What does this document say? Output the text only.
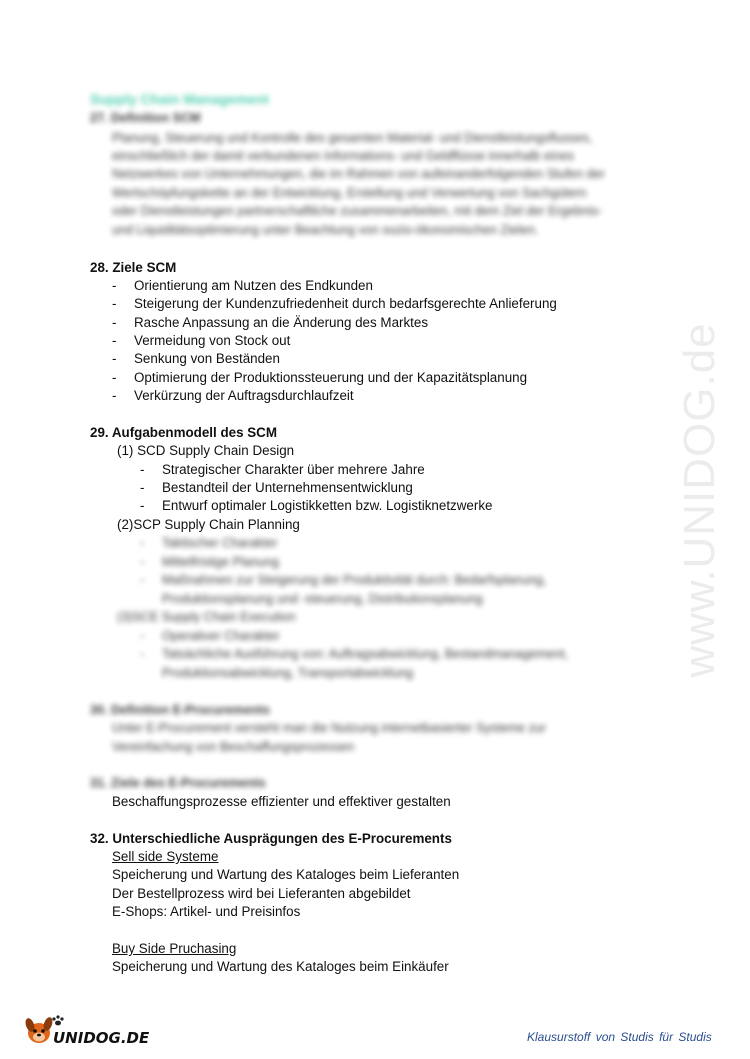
www.UNIDOG.de
Supply Chain Management
27. Definition SCM
Planung, Steuerung und Kontrolle des gesamten Material- und Dienstleistungsflusses,
einschließlich der damit verbundenen Informations- und Geldflüsse innerhalb eines
Netzwerkes von Unternehmungen, die im Rahmen von aufeinanderfolgenden Stufen der
Wertschöpfungskette an der Entwicklung, Erstellung und Verwertung von Sachgütern
oder Dienstleistungen partnerschaftliche zusammenarbeiten, mit dem Ziel der Ergebnis-
und Liquiditätsoptimierung unter Beachtung von sozio-ökonomischen Zielen.
28. Ziele SCM
- Orientierung am Nutzen des Endkunden
- Steigerung der Kundenzufriedenheit durch bedarfsgerechte Anlieferung
- Rasche Anpassung an die Änderung des Marktes
- Vermeidung von Stock out
- Senkung von Beständen
- Optimierung der Produktionssteuerung und der Kapazitätsplanung
- Verkürzung der Auftragsdurchlaufzeit
29. Aufgabenmodell des SCM
(1) SCD Supply Chain Design
- Strategischer Charakter über mehrere Jahre
- Bestandteil der Unternehmensentwicklung
- Entwurf optimaler Logistikketten bzw. Logistiknetzwerke
(2)SCP Supply Chain Planning
- Taktischer Charakter
- Mittelfristige Planung
- Maßnahmen zur Steigerung der Produktivität durch: Bedarfsplanung,
Produktionsplanung und -steuerung, Distributionsplanung
(3)SCE Supply Chain Execution
- Operativer Charakter
- Tatsächliche Ausführung von: Auftragsabwicklung, Bestandmanagement,
Produktionsabwicklung, Transportabwicklung
30. Definition E-Procurements
Unter E-Procurement versteht man die Nutzung internetbasierter Systeme zur
Vereinfachung von Beschaffungsprozessen
31. Ziele des E-Procurements
Beschaffungsprozesse effizienter und effektiver gestalten
32. Unterschiedliche Ausprägungen des E-Procurements
Sell side Systeme
Speicherung und Wartung des Kataloges beim Lieferanten
Der Bestellprozess wird bei Lieferanten abgebildet
E-Shops: Artikel- und Preisinfos
Buy Side Pruchasing
Speicherung und Wartung des Kataloges beim Einkäufer
UNIDOG.DE	Klausurstoff von Studis für Studis
